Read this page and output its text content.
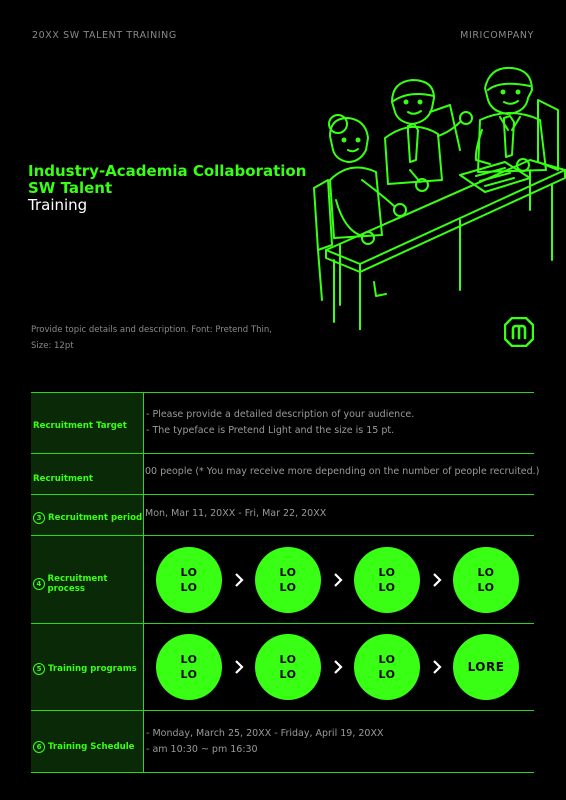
20XX SW TALENT TRAINING	MIRICOMPANY
Industry-Academia Collaboration
SW Talent
Training
Provide topic details and description. Font: Pretend Thin,
Size: 12pt
Recruitment Target
- Please provide a detailed description of your audience.
- The typeface is Pretend Light and the size is 15 pt.
Recruitment
00 people (* You may receive more depending on the number of people recruited.)
3 Recruitment period Mon, Mar 11, 20XX - Fri, Mar 22, 20XX
4 Recruitment process
LO
LO
LO
LO
LO
LO
LO
LO
5 Training programs
LO
LO
LO
LO
LO
LO
LORE
6 Training Schedule
- Monday, March 25, 20XX - Friday, April 19, 20XX
- am 10:30 ~ pm 16:30
